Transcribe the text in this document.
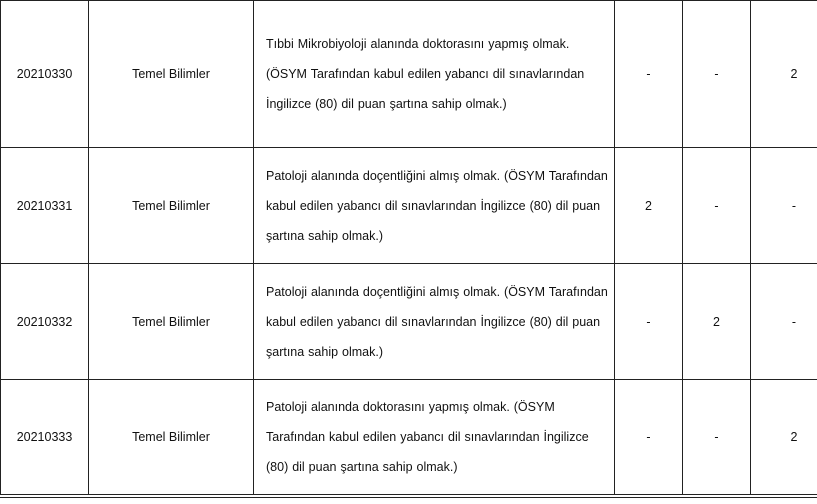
20210330	Temel Bilimler	Tıbbi Mikrobiyoloji alanında doktorasını yapmış olmak. (ÖSYM Tarafından kabul edilen yabancı dil sınavlarından İngilizce (80) dil puan şartına sahip olmak.)	-	-	2
20210331	Temel Bilimler	Patoloji alanında doçentliğini almış olmak. (ÖSYM Tarafından kabul edilen yabancı dil sınavlarından İngilizce (80) dil puan şartına sahip olmak.)	2	-	-
20210332	Temel Bilimler	Patoloji alanında doçentliğini almış olmak. (ÖSYM Tarafından kabul edilen yabancı dil sınavlarından İngilizce (80) dil puan şartına sahip olmak.)	-	2	-
20210333	Temel Bilimler	Patoloji alanında doktorasını yapmış olmak. (ÖSYM Tarafından kabul edilen yabancı dil sınavlarından İngilizce (80) dil puan şartına sahip olmak.)	-	-	2
